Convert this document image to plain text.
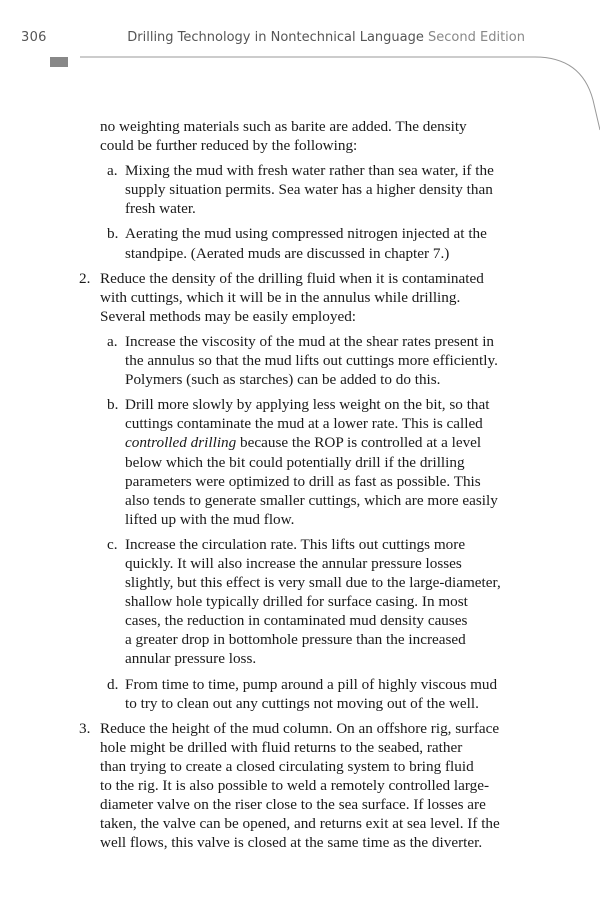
306	Drilling Technology in Nontechnical Language Second Edition

no weighting materials such as barite are added. The density
could be further reduced by the following:

a. Mixing the mud with fresh water rather than sea water, if the
supply situation permits. Sea water has a higher density than
fresh water.

b. Aerating the mud using compressed nitrogen injected at the
standpipe. (Aerated muds are discussed in chapter 7.)

2. Reduce the density of the drilling fluid when it is contaminated
with cuttings, which it will be in the annulus while drilling.
Several methods may be easily employed:

a. Increase the viscosity of the mud at the shear rates present in
the annulus so that the mud lifts out cuttings more efficiently.
Polymers (such as starches) can be added to do this.

b. Drill more slowly by applying less weight on the bit, so that
cuttings contaminate the mud at a lower rate. This is called
controlled drilling because the ROP is controlled at a level
below which the bit could potentially drill if the drilling
parameters were optimized to drill as fast as possible. This
also tends to generate smaller cuttings, which are more easily
lifted up with the mud flow.

c. Increase the circulation rate. This lifts out cuttings more
quickly. It will also increase the annular pressure losses
slightly, but this effect is very small due to the large-diameter,
shallow hole typically drilled for surface casing. In most
cases, the reduction in contaminated mud density causes
a greater drop in bottomhole pressure than the increased
annular pressure loss.

d. From time to time, pump around a pill of highly viscous mud
to try to clean out any cuttings not moving out of the well.

3. Reduce the height of the mud column. On an offshore rig, surface
hole might be drilled with fluid returns to the seabed, rather
than trying to create a closed circulating system to bring fluid
to the rig. It is also possible to weld a remotely controlled large-
diameter valve on the riser close to the sea surface. If losses are
taken, the valve can be opened, and returns exit at sea level. If the
well flows, this valve is closed at the same time as the diverter.
